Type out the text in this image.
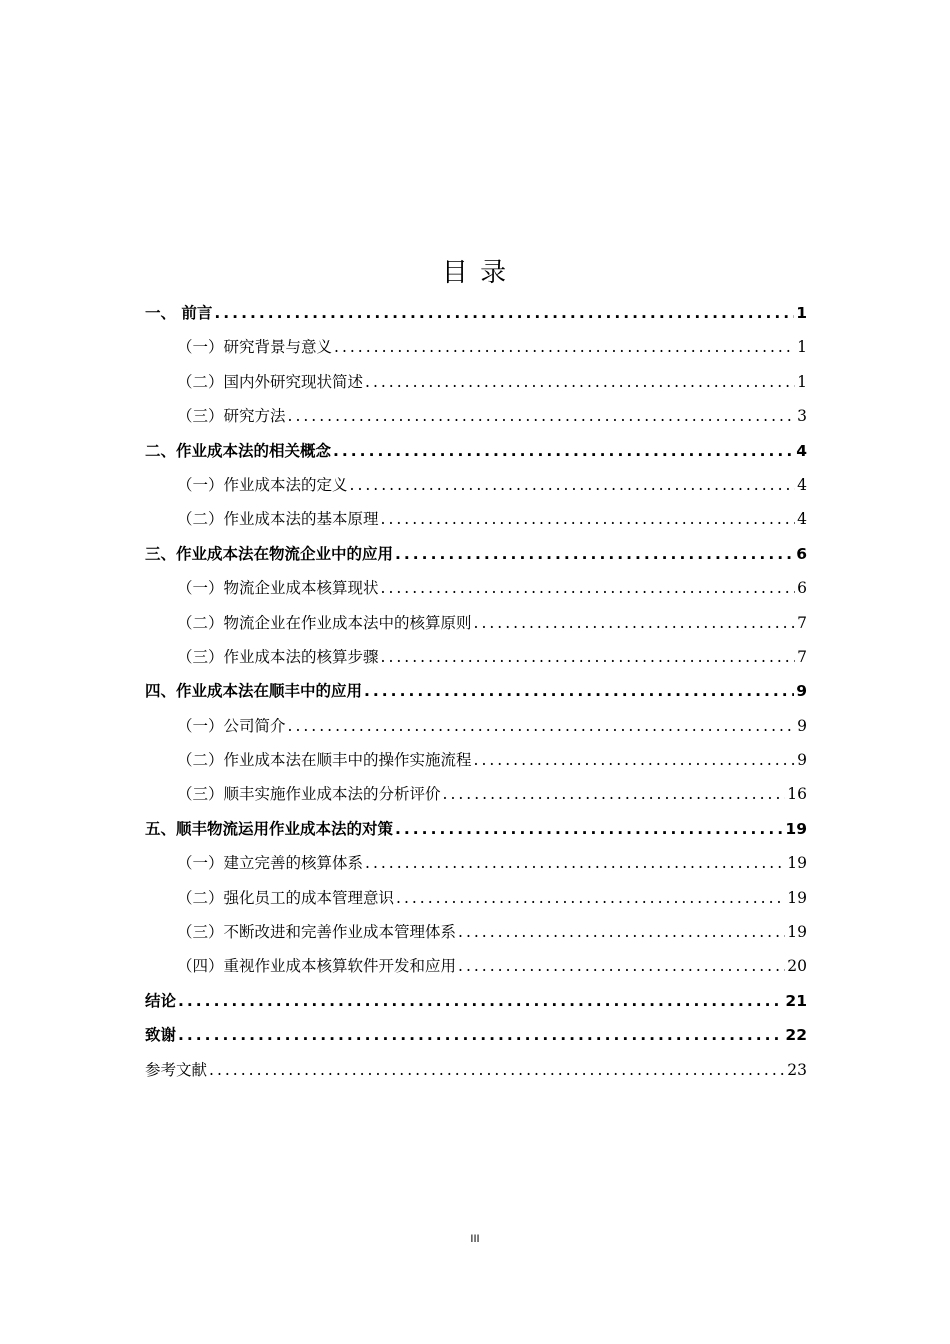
目 录
一、 前言 .....	1
（一）研究背景与意义 .....	1
（二）国内外研究现状简述 .....	1
（三）研究方法 .....	3
二、作业成本法的相关概念 .....	4
（一）作业成本法的定义 .....	4
（二）作业成本法的基本原理 .....	4
三、作业成本法在物流企业中的应用 .....	6
（一）物流企业成本核算现状 .....	6
（二）物流企业在作业成本法中的核算原则 .....	7
（三）作业成本法的核算步骤 .....	7
四、作业成本法在顺丰中的应用 .....	9
（一）公司简介 .....	9
（二）作业成本法在顺丰中的操作实施流程 .....	9
（三）顺丰实施作业成本法的分析评价 .....	16
五、顺丰物流运用作业成本法的对策 .....	19
（一）建立完善的核算体系 .....	19
（二）强化员工的成本管理意识 .....	19
（三）不断改进和完善作业成本管理体系 .....	19
（四）重视作业成本核算软件开发和应用 .....	20
结论 .....	21
致谢 .....	22
参考文献 .....	23
III
